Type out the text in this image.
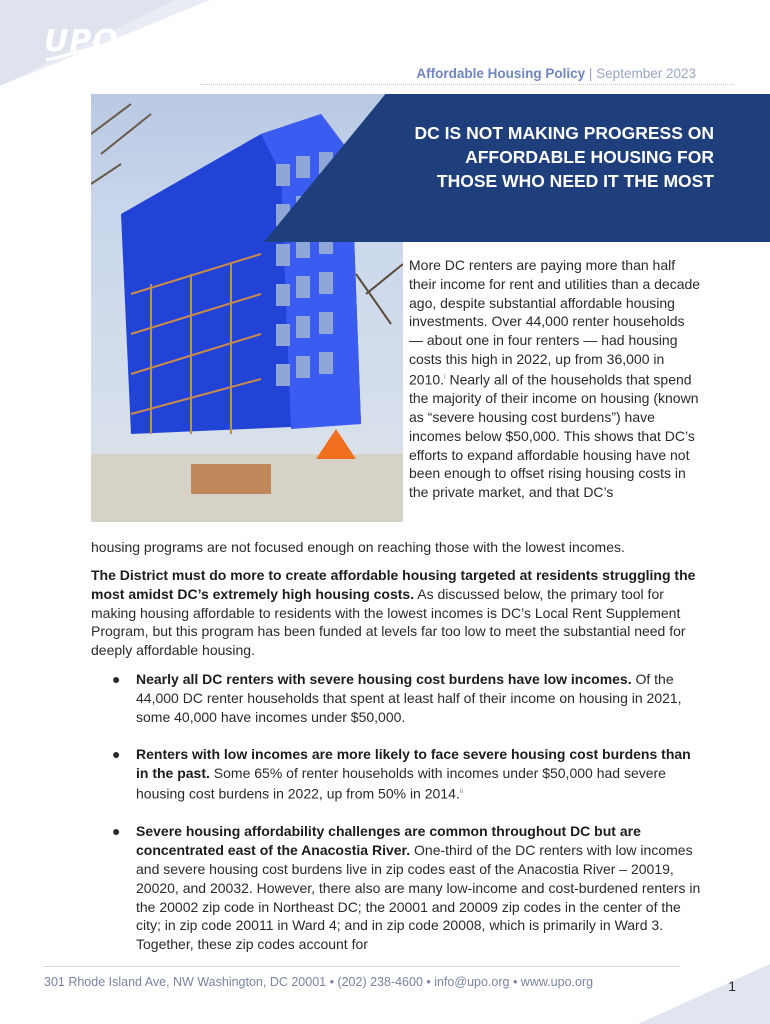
UPO
Affordable Housing Policy | September 2023
DC IS NOT MAKING PROGRESS ON
AFFORDABLE HOUSING FOR
THOSE WHO NEED IT THE MOST
More DC renters are paying more than half their income for rent and utilities than a decade ago, despite substantial affordable housing investments. Over 44,000 renter households — about one in four renters — had housing costs this high in 2022, up from 36,000 in 2010.$^i$ Nearly all of the households that spend the majority of their income on housing (known as “severe housing cost burdens”) have incomes below $50,000. This shows that DC’s efforts to expand affordable housing have not been enough to offset rising housing costs in the private market, and that DC’s
housing programs are not focused enough on reaching those with the lowest incomes.
The District must do more to create affordable housing targeted at residents struggling the most amidst DC’s extremely high housing costs. As discussed below, the primary tool for making housing affordable to residents with the lowest incomes is DC’s Local Rent Supplement Program, but this program has been funded at levels far too low to meet the substantial need for deeply affordable housing.
● Nearly all DC renters with severe housing cost burdens have low incomes. Of the 44,000 DC renter households that spent at least half of their income on housing in 2021, some 40,000 have incomes under $50,000.
● Renters with low incomes are more likely to face severe housing cost burdens than in the past. Some 65% of renter households with incomes under $50,000 had severe housing cost burdens in 2022, up from 50% in 2014.$^{ii}$
● Severe housing affordability challenges are common throughout DC but are concentrated east of the Anacostia River. One-third of the DC renters with low incomes and severe housing cost burdens live in zip codes east of the Anacostia River – 20019, 20020, and 20032. However, there also are many low-income and cost-burdened renters in the 20002 zip code in Northeast DC; the 20001 and 20009 zip codes in the center of the city; in zip code 20011 in Ward 4; and in zip code 20008, which is primarily in Ward 3. Together, these zip codes account for
301 Rhode Island Ave, NW Washington, DC 20001 • (202) 238-4600 • info@upo.org • www.upo.org	1
